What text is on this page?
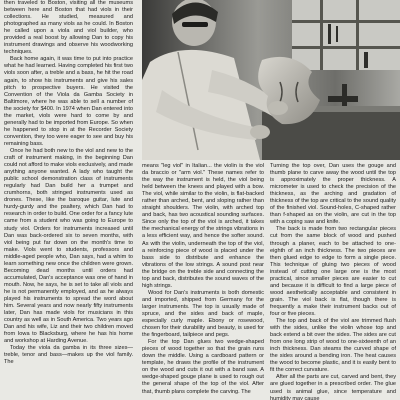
then traveled to Boston, visiting all the museums between here and Boston that had viols in their collections. He studied, measured and photographed as many viols as he could. In Boston he called upon a viola and viol builder, who provided a real boost by allowing Dan to copy his instrument drawings and observe his woodworking techniques.

Back home again, it was time to put into practice what he had learned. Having completed his first two viols soon after, a treble and a bass, he hit the road again, to show his instruments and give his sales pitch to prospective buyers. He visited the Convention of the Viola da Gamba Society in Baltimore, where he was able to sell a number of the society for $400. In 1974 when Dan entered into the market, viols were hard to come by and generally had to be imported from Europe. So when he happened to stop in at the Recorder Society convention, they too were eager to see and buy his remaining bass.

Once he had both new to the viol and new to the craft of instrument making, in the beginning Dan could not afford to make viols exclusively, and made anything anyone wanted. A lady who taught the public school demonstration class of instruments regularly had Dan build her a trumpet and crumhorns, both stringed instruments used as drones. These, like the baroque guitar, lute and hurdy-gurdy and the psaltery, which Dan had to research in order to build. One order for a fancy lute came from a student who was going to Europe to study viol. Orders for instruments increased until Dan was back-ordered six to seven months, with viol being put far down on the month's time to make. Viols went to students, professors and middle-aged people who, Dan says, had a whim to learn something new once the children were grown. Becoming dead months until orders had accumulated, Dan's acceptance was one of hand in mouth. Now, he says, he is set to take all viols and he is not permanently employed, and as he always played his instruments to spread the word about him. Several years and now nearly fifty instruments later, Dan has made viols for musicians in this country as well as in South America. Two years ago Dan and his wife, Liz and their two children moved from Iowa to Blacksburg, where he has his home and workshop at Harding Avenue.

Today the viola da gamba in its three sizes—treble, tenor and bass—makes up the viol family. The

means "leg viol" in Italian... the violin is the viol da braccio or "arm viol." These names refer to the way the instrument is held, the viol being held between the knees and played with a bow. The viol, while similar to the violin, is flat-backed rather than arched, bent, and sloping rather than straight shoulders. The violin, with arched top and back, has two acoustical sounding surfaces. Since only the top of the viol is arched, it takes the mechanical energy of the strings vibrations in a less efficient way, and hence the softer sound. As with the violin, underneath the top of the viol, a reinforcing piece of wood is placed under the bass side to distribute and enhance the vibrations of the low strings. A sound post near the bridge on the treble side and connecting the top and back, distributes the sound waves of the high strings.

Wood for Dan's instruments is both domestic and imported, shipped from Germany for the larger instruments. The top is usually made of spruce, and the sides and back of maple, especially curly maple. Ebony or rosewood, chosen for their durability and beauty, is used for the fingerboard, tailpiece and pegs.

For the top Dan glues two wedge-shaped pieces of wood together so that the grain runs down the middle. Using a cardboard pattern or template, he draws the profile of the instrument on the wood and cuts it out with a band saw. A wedge-shaped gouge plane is used to rough out the general shape of the top of the viol. After that, thumb plans complete the carving. The

Turning the top over, Dan uses the gouge and thumb plane to carve away the wood until the top is approximately the proper thickness. A micrometer is used to check the precision of the thickness, as the arching and gradation of thickness of the top are critical to the sound quality of the finished viol. Sound-holes, C-shaped rather than f-shaped as on the violin, are cut in the top with a coping saw and knife.

The back is made from two rectangular pieces cut from the same block of wood and pushed through a planer, each to be attached to one-eighth of an inch thickness. The two pieces are then glued edge to edge to form a single piece. This technique of gluing two pieces of wood instead of cutting one large one is the most practical, since smaller pieces are easier to cut and because it is difficult to find a large piece of wood aesthetically acceptable and consistent in grain. The viol back is flat, though there is frequently a make their instrument backs out of four or five pieces.

The top and back of the viol are trimmed flush with the sides, unlike the violin whose top and back extend a bit over the sides. The sides are cut from one long strip of wood to one-sixteenth of an inch thickness. Dan steams the curved shape of the sides around a bending iron. The heat causes the wood to become plastic, and it is easily bent to fit the correct curvature.

After all the parts are cut, carved and bent, they are glued together in a prescribed order. The glue used is animal glue, since temperature and humidity may cause
